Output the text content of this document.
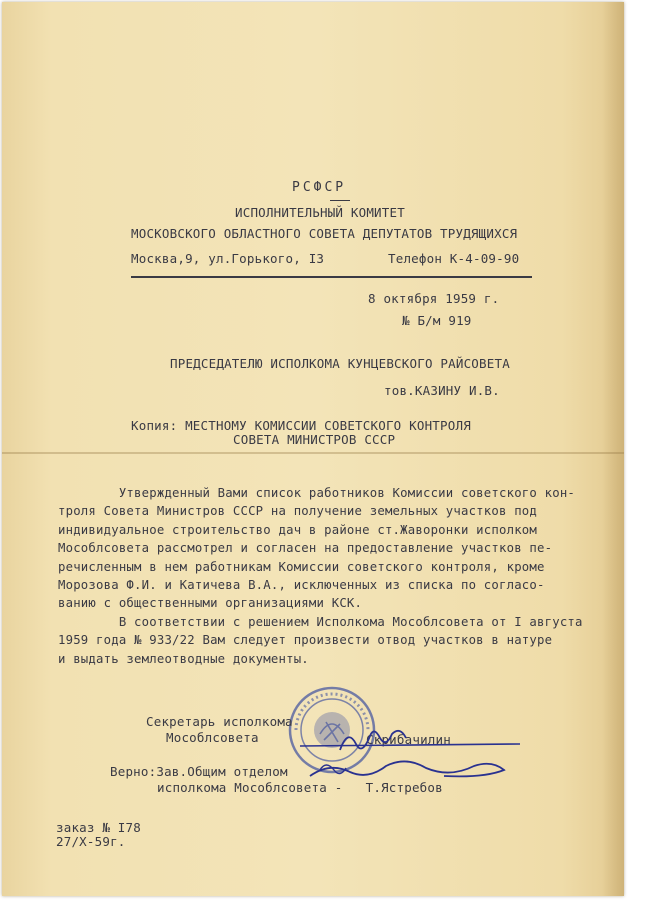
РСФСР
ИСПОЛНИТЕЛЬНЫЙ КОМИТЕТ
МОСКОВСКОГО ОБЛАСТНОГО СОВЕТА ДЕПУТАТОВ ТРУДЯЩИХСЯ
Москва,9, ул.Горького, I3	Телефон К-4-09-90
8 октября 1959 г.
№ Б/м 919
ПРЕДСЕДАТЕЛЮ ИСПОЛКОМА КУНЦЕВСКОГО РАЙСОВЕТА
тов.КАЗИНУ И.В.
Копия: МЕСТНОМУ КОМИССИИ СОВЕТСКОГО КОНТРОЛЯ
СОВЕТА МИНИСТРОВ СССР
Утвержденный Вами список работников Комиссии советского кон-
троля Совета Министров СССР на получение земельных участков под
индивидуальное строительство дач в районе ст.Жаворонки исполком
Мособлсовета рассмотрел и согласен на предоставление участков пе-
речисленным в нем работникам Комиссии советского контроля, кроме
Морозова Ф.И. и Катичева В.А., исключенных из списка по согласо-
ванию с общественными организациями КСК.
В соответствии с решением Исполкома Мособлсовета от I августа
1959 года № 933/22 Вам следует произвести отвод участков в натуре
и выдать землеотводные документы.
Секретарь исполкома
Мособлсовета	Скрибачилин
Верно:Зав.Общим отделом
исполкома Мособлсовета -   Т.Ястребов
заказ № I78
27/Х-59г.
